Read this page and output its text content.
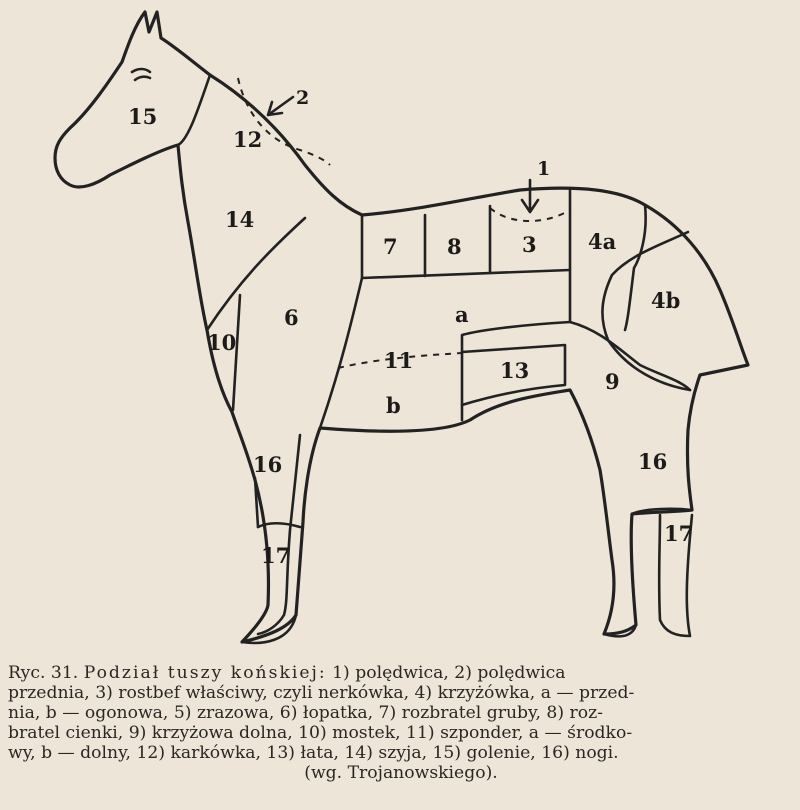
15
12
14
10
6
7 8	3 4a
4b
a
11
b
13	9
16	16
17
17
1
2
Ryc. 31. Podział tuszy końskiej: 1) polędwica, 2) polędwica
przednia, 3) rostbef właściwy, czyli nerkówka, 4) krzyżówka, a — przed-
nia, b — ogonowa, 5) zrazowa, 6) łopatka, 7) rozbratel gruby, 8) roz-
bratel cienki, 9) krzyżowa dolna, 10) mostek, 11) szponder, a — środko-
wy, b — dolny, 12) karkówka, 13) łata, 14) szyja, 15) golenie, 16) nogi.
(wg. Trojanowskiego).
